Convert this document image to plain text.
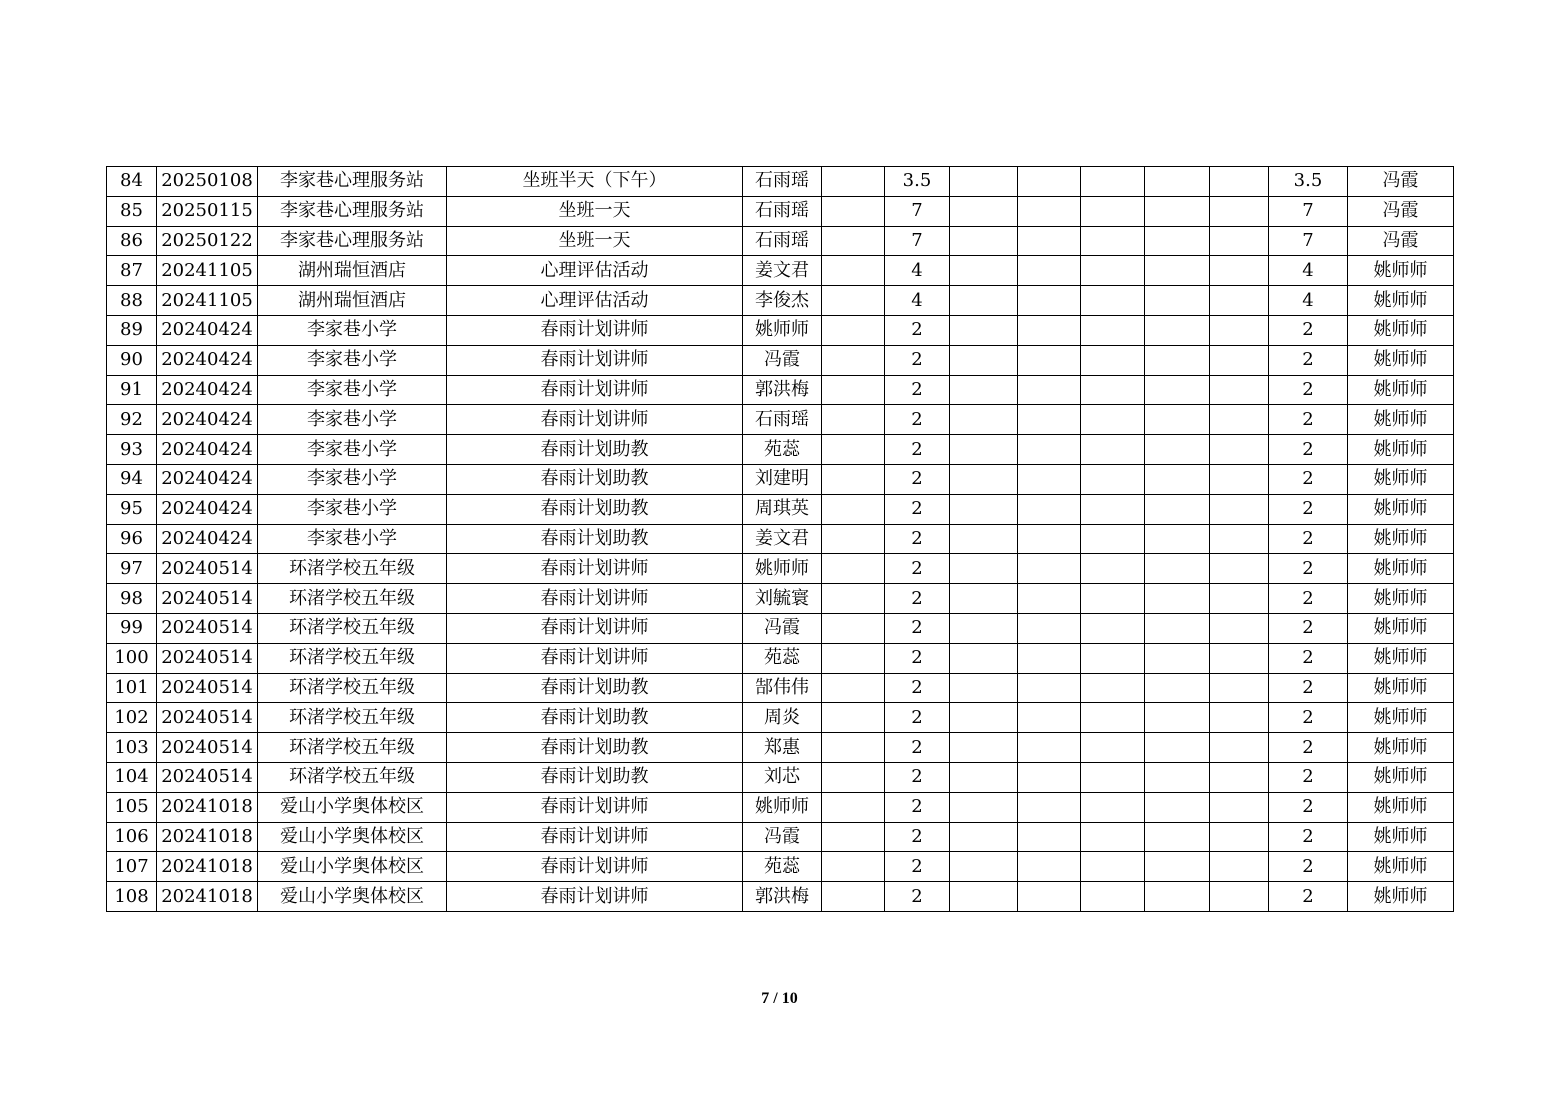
84	20250108	李家巷心理服务站	坐班半天（下午）	石雨瑶		3.5						3.5	冯霞
85	20250115	李家巷心理服务站	坐班一天	石雨瑶		7						7	冯霞
86	20250122	李家巷心理服务站	坐班一天	石雨瑶		7						7	冯霞
87	20241105	湖州瑞恒酒店	心理评估活动	姜文君		4						4	姚师师
88	20241105	湖州瑞恒酒店	心理评估活动	李俊杰		4						4	姚师师
89	20240424	李家巷小学	春雨计划讲师	姚师师		2						2	姚师师
90	20240424	李家巷小学	春雨计划讲师	冯霞		2						2	姚师师
91	20240424	李家巷小学	春雨计划讲师	郭洪梅		2						2	姚师师
92	20240424	李家巷小学	春雨计划讲师	石雨瑶		2						2	姚师师
93	20240424	李家巷小学	春雨计划助教	苑蕊		2						2	姚师师
94	20240424	李家巷小学	春雨计划助教	刘建明		2						2	姚师师
95	20240424	李家巷小学	春雨计划助教	周琪英		2						2	姚师师
96	20240424	李家巷小学	春雨计划助教	姜文君		2						2	姚师师
97	20240514	环渚学校五年级	春雨计划讲师	姚师师		2						2	姚师师
98	20240514	环渚学校五年级	春雨计划讲师	刘毓寰		2						2	姚师师
99	20240514	环渚学校五年级	春雨计划讲师	冯霞		2						2	姚师师
100	20240514	环渚学校五年级	春雨计划讲师	苑蕊		2						2	姚师师
101	20240514	环渚学校五年级	春雨计划助教	郜伟伟		2						2	姚师师
102	20240514	环渚学校五年级	春雨计划助教	周炎		2						2	姚师师
103	20240514	环渚学校五年级	春雨计划助教	郑惠		2						2	姚师师
104	20240514	环渚学校五年级	春雨计划助教	刘芯		2						2	姚师师
105	20241018	爱山小学奥体校区	春雨计划讲师	姚师师		2						2	姚师师
106	20241018	爱山小学奥体校区	春雨计划讲师	冯霞		2						2	姚师师
107	20241018	爱山小学奥体校区	春雨计划讲师	苑蕊		2						2	姚师师
108	20241018	爱山小学奥体校区	春雨计划讲师	郭洪梅		2						2	姚师师
7 / 10
